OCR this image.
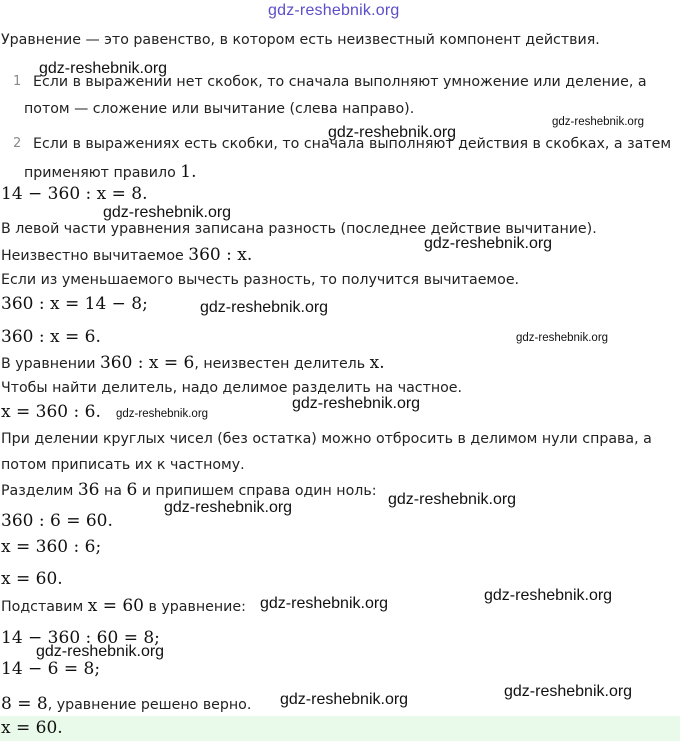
gdz-reshebnik.org
Уравнение — это равенство, в котором есть неизвестный компонент действия.
1 Если в выражении нет скобок, то сначала выполняют умножение или деление, а
потом — сложение или вычитание (слева направо).
2 Если в выражениях есть скобки, то сначала выполняют действия в скобках, а затем
применяют правило 1.
14 − 360 : x = 8.
В левой части уравнения записана разность (последнее действие вычитание).
Неизвестно вычитаемое 360 : x.
Если из уменьшаемого вычесть разность, то получится вычитаемое.
360 : x = 14 − 8;
360 : x = 6.
В уравнении 360 : x = 6, неизвестен делитель x.
Чтобы найти делитель, надо делимое разделить на частное.
x = 360 : 6.
При делении круглых чисел (без остатка) можно отбросить в делимом нули справа, а
потом приписать их к частному.
Разделим 36 на 6 и припишем справа один ноль:
360 : 6 = 60.
x = 360 : 6;
x = 60.
Подставим x = 60 в уравнение:
14 − 360 : 60 = 8;
14 − 6 = 8;
8 = 8, уравнение решено верно.
x = 60.
gdz-reshebnik.org
gdz-reshebnik.org
gdz-reshebnik.org
gdz-reshebnik.org
gdz-reshebnik.org
gdz-reshebnik.org
gdz-reshebnik.org
gdz-reshebnik.org
gdz-reshebnik.org
gdz-reshebnik.org
gdz-reshebnik.org
gdz-reshebnik.org
gdz-reshebnik.org
gdz-reshebnik.org
gdz-reshebnik.org
gdz-reshebnik.org
